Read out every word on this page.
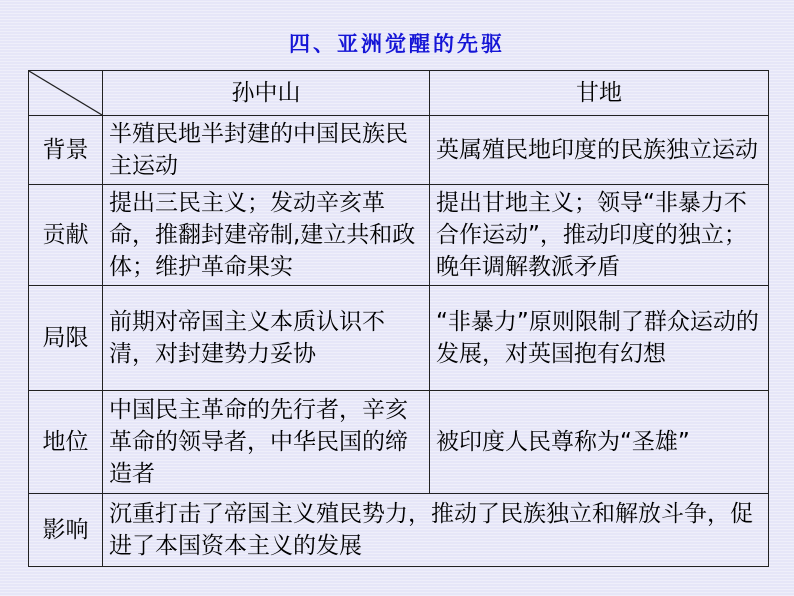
四、亚洲觉醒的先驱
	孙中山	甘地
背景	半殖民地半封建的中国民族民主运动	英属殖民地印度的民族独立运动

贡献	提出三民主义；发动辛亥革命，推翻封建帝制,建立共和政体；维护革命果实	提出甘地主义；领导“非暴力不合作运动”，推动印度的独立；晚年调解教派矛盾

局限	前期对帝国主义本质认识不清，对封建势力妥协	“非暴力”原则限制了群众运动的发展，对英国抱有幻想

地位	中国民主革命的先行者，辛亥革命的领导者，中华民国的缔造者	被印度人民尊称为“圣雄”

影响	沉重打击了帝国主义殖民势力，推动了民族独立和解放斗争，促进了本国资本主义的发展	
